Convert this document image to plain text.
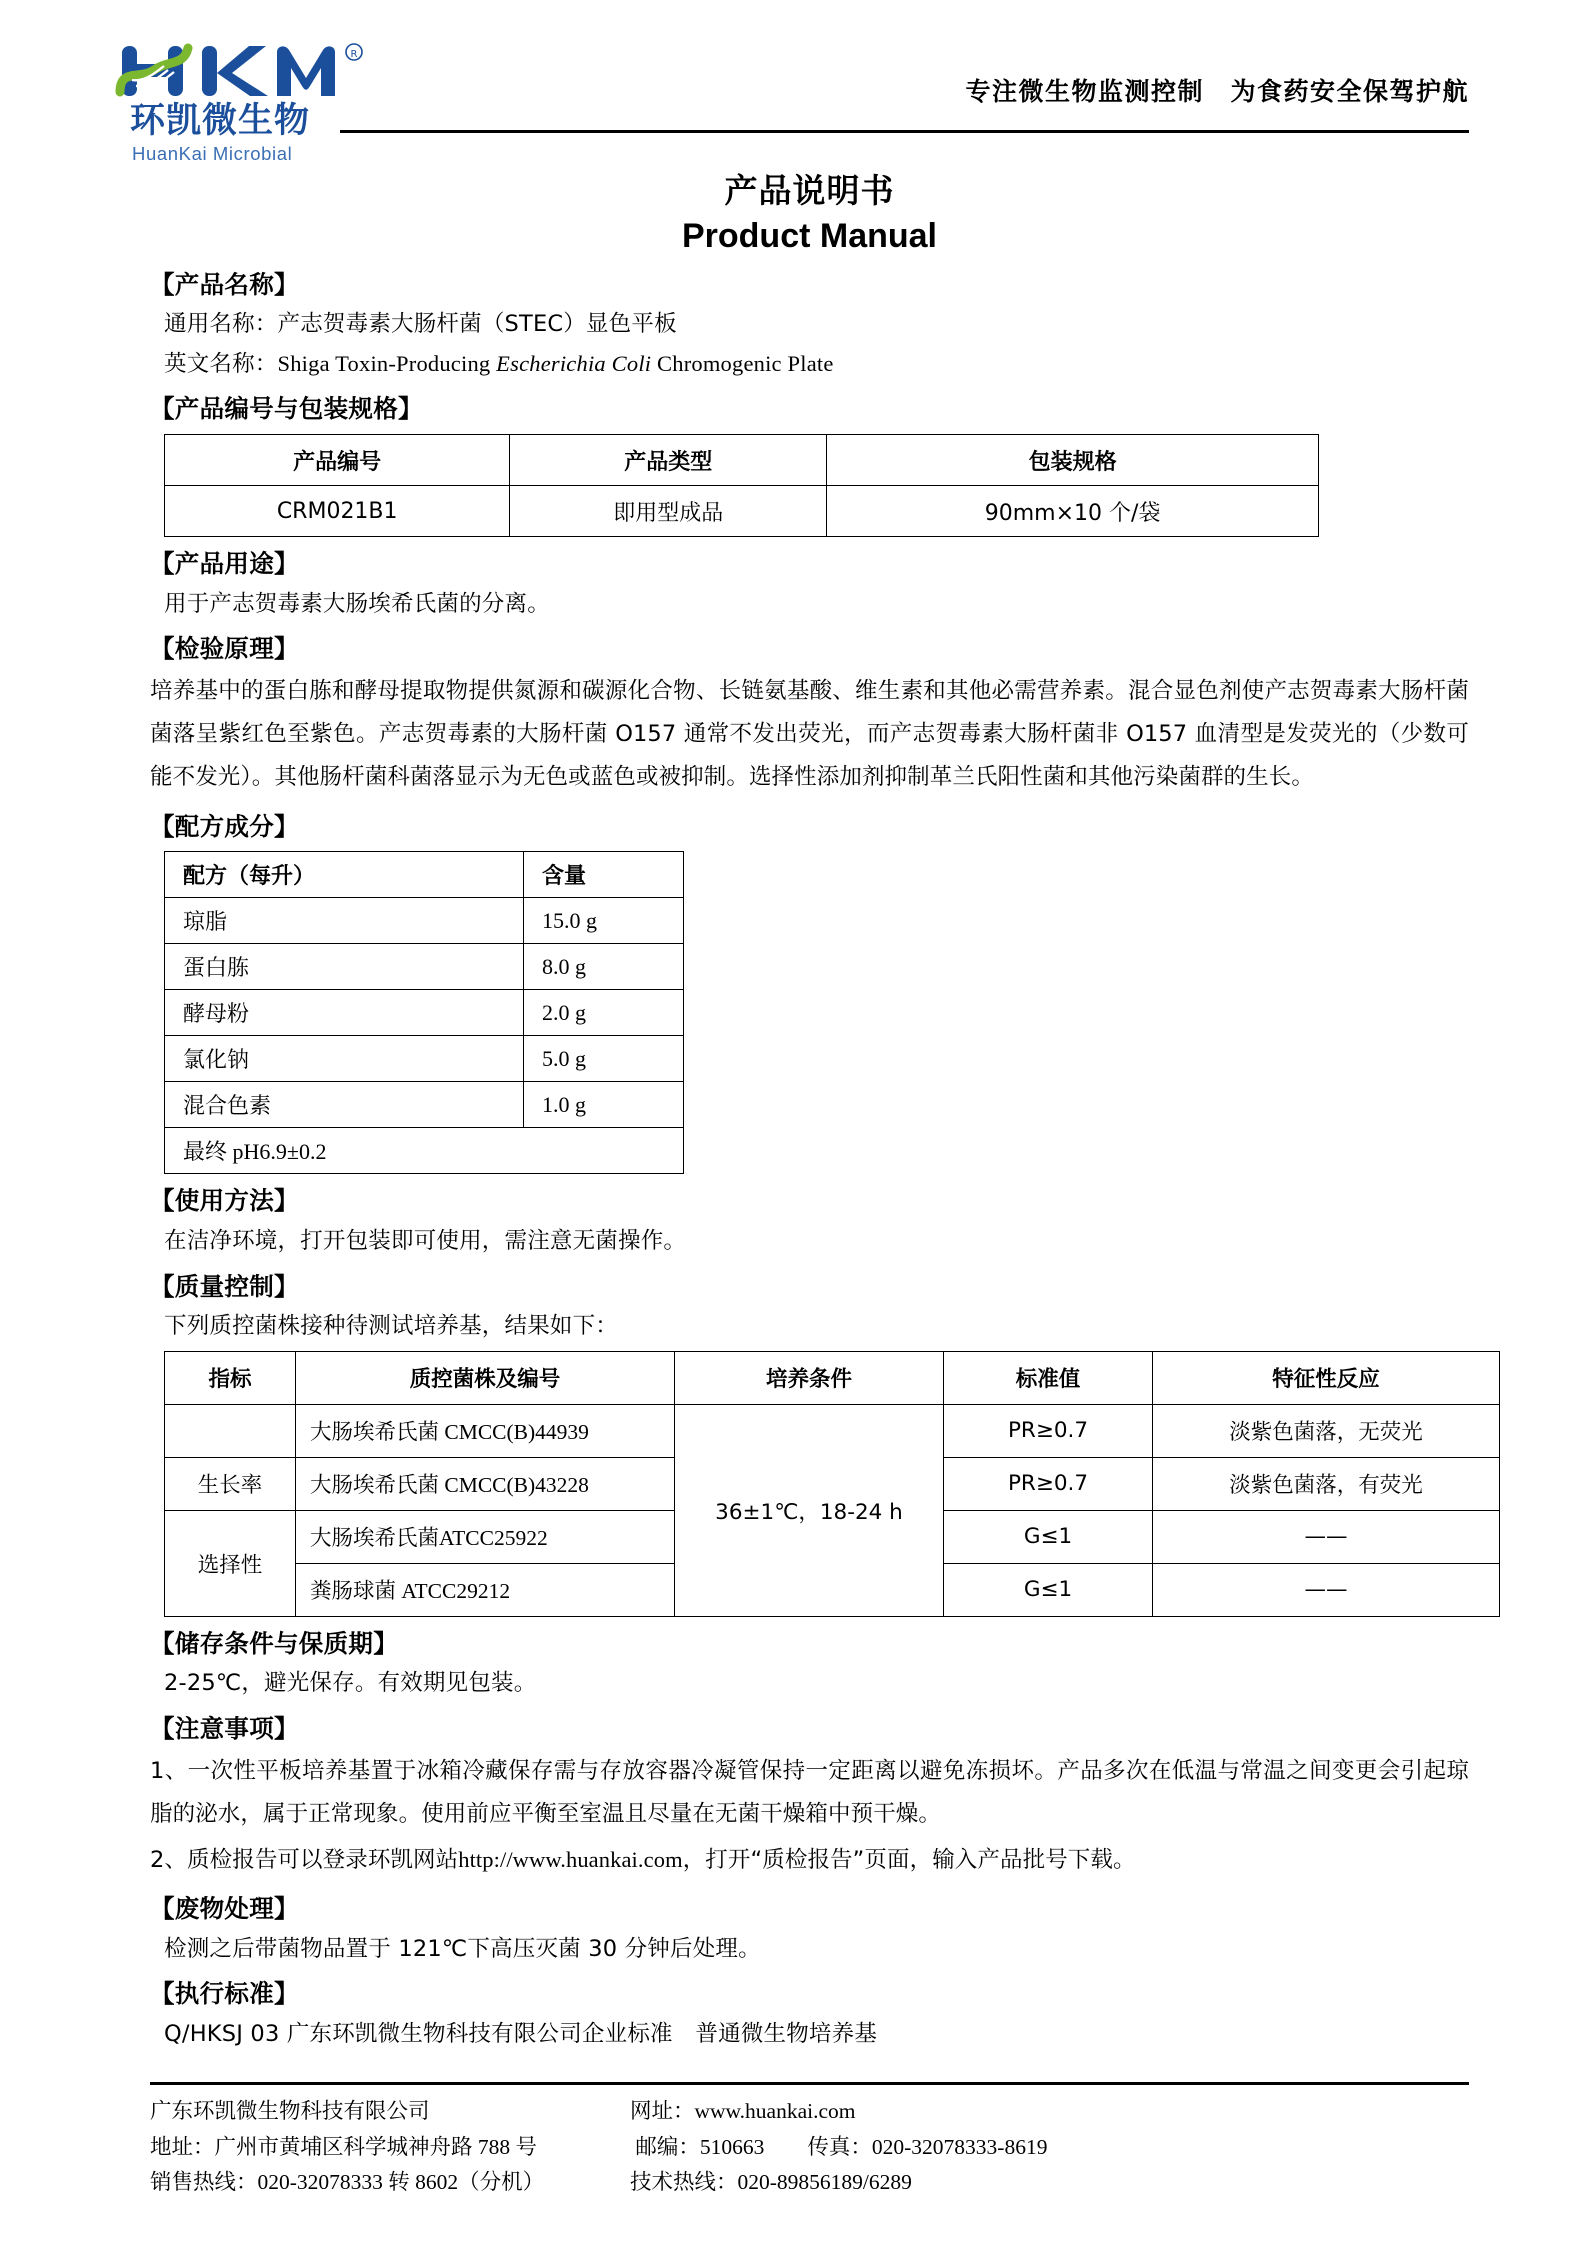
R
环凯微生物
HuanKai Microbial
专注微生物监测控制　为食药安全保驾护航
产品说明书
Product Manual
【产品名称】
通用名称：产志贺毒素大肠杆菌（STEC）显色平板
英文名称：Shiga Toxin-Producing Escherichia Coli Chromogenic Plate
【产品编号与包装规格】
产品编号	产品类型	包装规格
CRM021B1	即用型成品	90mm×10 个/袋
【产品用途】
用于产志贺毒素大肠埃希氏菌的分离。
【检验原理】
培养基中的蛋白胨和酵母提取物提供氮源和碳源化合物、长链氨基酸、维生素和其他必需营养素。混合显色剂使产志贺毒素大肠杆菌菌落呈紫红色至紫色。产志贺毒素的大肠杆菌 O157 通常不发出荧光，而产志贺毒素大肠杆菌非 O157 血清型是发荧光的（少数可能不发光）。其他肠杆菌科菌落显示为无色或蓝色或被抑制。选择性添加剂抑制革兰氏阳性菌和其他污染菌群的生长。
【配方成分】
配方（每升）	含量
琼脂	15.0 g
蛋白胨	8.0 g
酵母粉	2.0 g
氯化钠	5.0 g
混合色素	1.0 g
最终 pH6.9±0.2	
【使用方法】
在洁净环境，打开包装即可使用，需注意无菌操作。
【质量控制】
下列质控菌株接种待测试培养基，结果如下：
指标	质控菌株及编号	培养条件	标准值	特征性反应
	大肠埃希氏菌 CMCC(B)44939	36±1℃，18-24 h	PR≥0.7	淡紫色菌落，无荧光
生长率	大肠埃希氏菌 CMCC(B)43228		PR≥0.7	淡紫色菌落，有荧光
选择性	大肠埃希氏菌ATCC25922		G≤1	——
	粪肠球菌 ATCC29212		G≤1	——
【储存条件与保质期】
2-25℃，避光保存。有效期见包装。
【注意事项】
1、一次性平板培养基置于冰箱冷藏保存需与存放容器冷凝管保持一定距离以避免冻损坏。产品多次在低温与常温之间变更会引起琼脂的泌水，属于正常现象。使用前应平衡至室温且尽量在无菌干燥箱中预干燥。
2、质检报告可以登录环凯网站http://www.huankai.com，打开“质检报告”页面，输入产品批号下载。
【废物处理】
检测之后带菌物品置于 121℃下高压灭菌 30 分钟后处理。
【执行标准】
Q/HKSJ 03 广东环凯微生物科技有限公司企业标准　普通微生物培养基
广东环凯微生物科技有限公司
地址：广州市黄埔区科学城神舟路 788 号
销售热线：020-32078333 转 8602（分机）
网址：www.huankai.com
邮编：510663　　传真：020-32078333-8619
技术热线：020-89856189/6289
